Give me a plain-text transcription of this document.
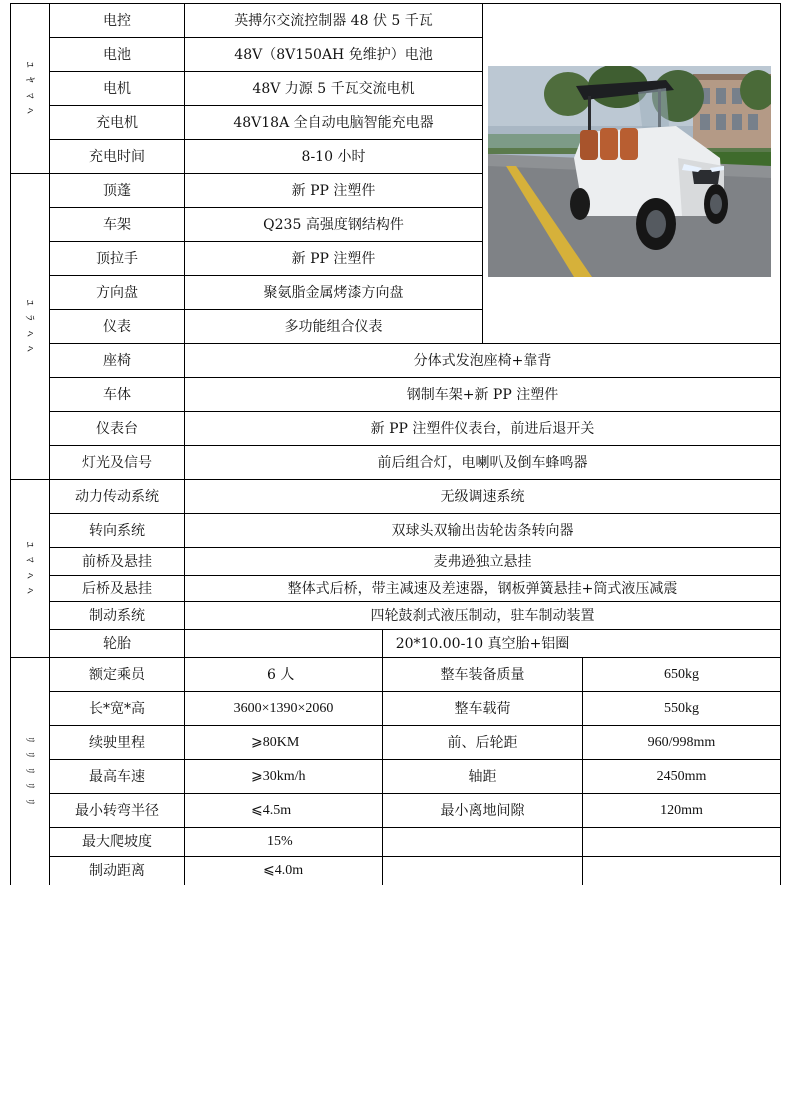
ﾕ
ﾔ
ﾏ
ﾍ
ﾕ
ﾗ
ﾍ
ﾍ
ﾕ
ﾏ
ﾍ
ﾍ
ﾘ
ﾘ
ﾘ
ﾘ
ﾘ
电控	英搏尔交流控制器 48 伏 5 千瓦
电池	48V（8V150AH 免维护）电池
电机	48V 力源 5 千瓦交流电机
充电机	48V18A 全自动电脑智能充电器
充电时间	8-10 小时
顶蓬	新 PP 注塑件
车架	Q235 高强度钢结构件
顶拉手	新 PP 注塑件
方向盘	聚氨脂金属烤漆方向盘
仪表	多功能组合仪表
座椅	分体式发泡座椅+靠背
车体	钢制车架+新 PP 注塑件
仪表台	新 PP 注塑件仪表台，前进后退开关
灯光及信号	前后组合灯，电喇叭及倒车蜂鸣器
动力传动系统	无级调速系统
转向系统	双球头双输出齿轮齿条转向器
前桥及悬挂	麦弗逊独立悬挂
后桥及悬挂	整体式后桥，带主减速及差速器，钢板弹簧悬挂+筒式液压减震
制动系统	四轮鼓刹式液压制动，驻车制动装置
轮胎	20*10.00-10 真空胎+铝圈
额定乘员	6 人	整车装备质量	650kg
长*宽*高	3600×1390×2060	整车载荷	550kg
续驶里程	⩾80KM	前、后轮距	960/998mm
最高车速	⩾30km/h	轴距	2450mm
最小转弯半径	⩽4.5m	最小离地间隙	120mm
最大爬坡度	15%
制动距离	⩽4.0m
